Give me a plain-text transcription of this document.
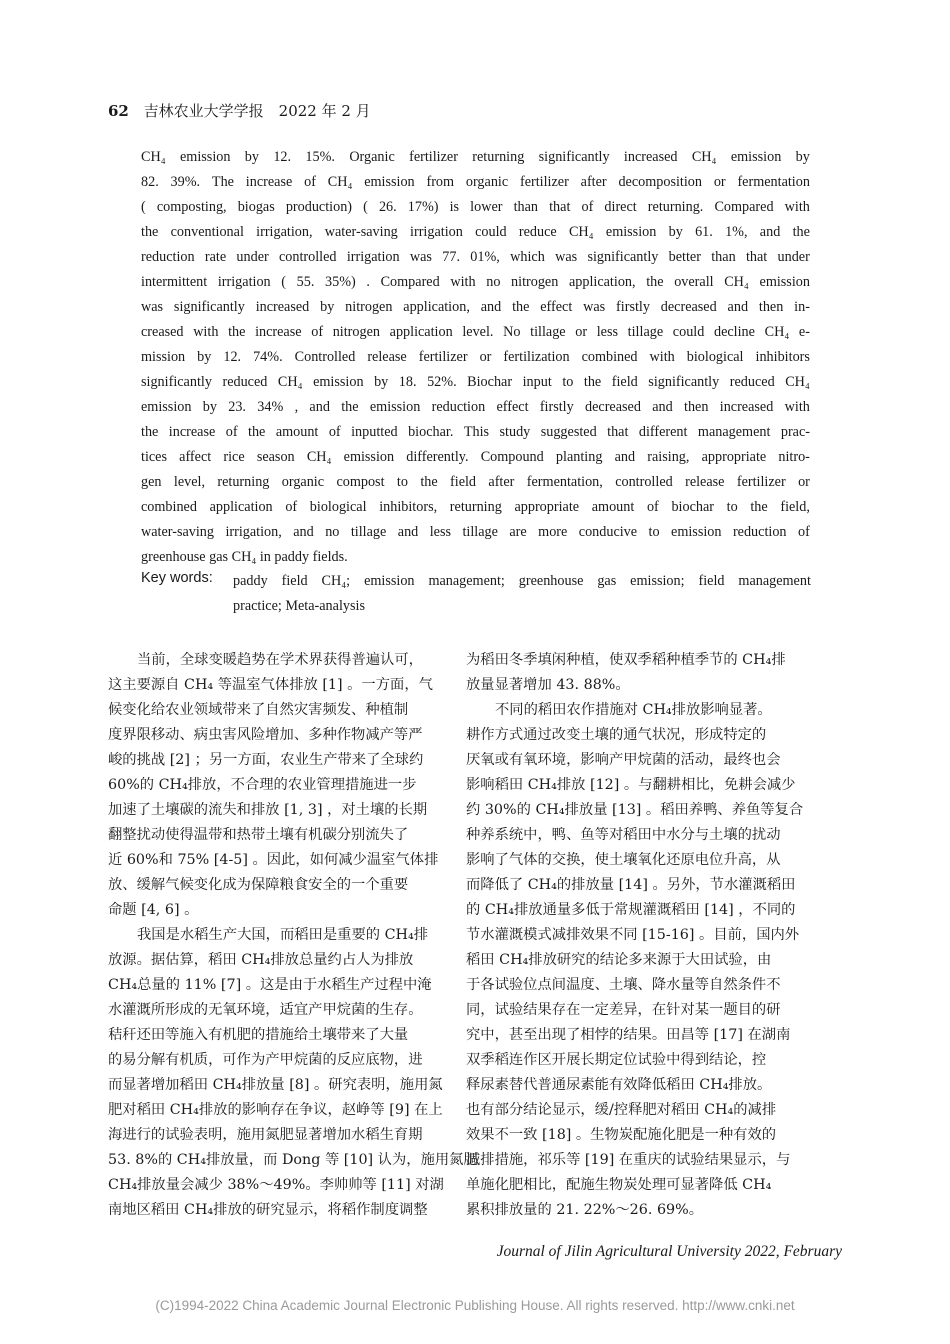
62 吉林农业大学学报　2022 年 2 月
CH₄ emission by 12. 15%. Organic fertilizer returning significantly increased CH₄ emission by
82. 39%. The increase of CH₄ emission from organic fertilizer after decomposition or fermentation
( composting, biogas production) ( 26. 17%) is lower than that of direct returning. Compared with
the conventional irrigation, water-saving irrigation could reduce CH₄ emission by 61. 1%, and the
reduction rate under controlled irrigation was 77. 01%, which was significantly better than that under
intermittent irrigation ( 55. 35%) . Compared with no nitrogen application, the overall CH₄ emission
was significantly increased by nitrogen application, and the effect was firstly decreased and then in-
creased with the increase of nitrogen application level. No tillage or less tillage could decline CH₄ e-
mission by 12. 74%. Controlled release fertilizer or fertilization combined with biological inhibitors
significantly reduced CH₄ emission by 18. 52%. Biochar input to the field significantly reduced CH₄
emission by 23. 34% , and the emission reduction effect firstly decreased and then increased with
the increase of the amount of inputted biochar. This study suggested that different management prac-
tices affect rice season CH₄ emission differently. Compound planting and raising, appropriate nitro-
gen level, returning organic compost to the field after fermentation, controlled release fertilizer or
combined application of biological inhibitors, returning appropriate amount of biochar to the field,
water-saving irrigation, and no tillage and less tillage are more conducive to emission reduction of
greenhouse gas CH₄ in paddy fields.
Key words: paddy field CH₄; emission management; greenhouse gas emission; field management
practice; Meta-analysis
当前，全球变暖趋势在学术界获得普遍认可，
这主要源自 CH₄ 等温室气体排放 [1] 。一方面，气
候变化给农业领域带来了自然灾害频发、种植制
度界限移动、病虫害风险增加、多种作物减产等严
峻的挑战 [2] ；另一方面，农业生产带来了全球约
60%的 CH₄排放，不合理的农业管理措施进一步
加速了土壤碳的流失和排放 [1, 3] ，对土壤的长期
翻整扰动使得温带和热带土壤有机碳分别流失了
近 60%和 75% [4-5] 。因此，如何减少温室气体排
放、缓解气候变化成为保障粮食安全的一个重要
命题 [4, 6] 。
我国是水稻生产大国，而稻田是重要的 CH₄排
放源。据估算，稻田 CH₄排放总量约占人为排放
CH₄总量的 11% [7] 。这是由于水稻生产过程中淹
水灌溉所形成的无氧环境，适宜产甲烷菌的生存。
秸秆还田等施入有机肥的措施给土壤带来了大量
的易分解有机质，可作为产甲烷菌的反应底物，进
而显著增加稻田 CH₄排放量 [8] 。研究表明，施用氮
肥对稻田 CH₄排放的影响存在争议，赵峥等 [9] 在上
海进行的试验表明，施用氮肥显著增加水稻生育期
53. 8%的 CH₄排放量，而 Dong 等 [10] 认为，施用氮肥
CH₄排放量会减少 38%～49%。李帅帅等 [11] 对湖
南地区稻田 CH₄排放的研究显示，将稻作制度调整
为稻田冬季填闲种植，使双季稻种植季节的 CH₄排
放量显著增加 43. 88%。
不同的稻田农作措施对 CH₄排放影响显著。
耕作方式通过改变土壤的通气状况，形成特定的
厌氧或有氧环境，影响产甲烷菌的活动，最终也会
影响稻田 CH₄排放 [12] 。与翻耕相比，免耕会减少
约 30%的 CH₄排放量 [13] 。稻田养鸭、养鱼等复合
种养系统中，鸭、鱼等对稻田中水分与土壤的扰动
影响了气体的交换，使土壤氧化还原电位升高，从
而降低了 CH₄的排放量 [14] 。另外，节水灌溉稻田
的 CH₄排放通量多低于常规灌溉稻田 [14] ，不同的
节水灌溉模式减排效果不同 [15-16] 。目前，国内外
稻田 CH₄排放研究的结论多来源于大田试验，由
于各试验位点间温度、土壤、降水量等自然条件不
同，试验结果存在一定差异，在针对某一题目的研
究中，甚至出现了相悖的结果。田昌等 [17] 在湖南
双季稻连作区开展长期定位试验中得到结论，控
释尿素替代普通尿素能有效降低稻田 CH₄排放。
也有部分结论显示，缓/控释肥对稻田 CH₄的减排
效果不一致 [18] 。生物炭配施化肥是一种有效的
减排措施，祁乐等 [19] 在重庆的试验结果显示，与
单施化肥相比，配施生物炭处理可显著降低 CH₄
累积排放量的 21. 22%～26. 69%。
Journal of Jilin Agricultural University 2022, February
(C)1994-2022 China Academic Journal Electronic Publishing House. All rights reserved. http://www.cnki.net
